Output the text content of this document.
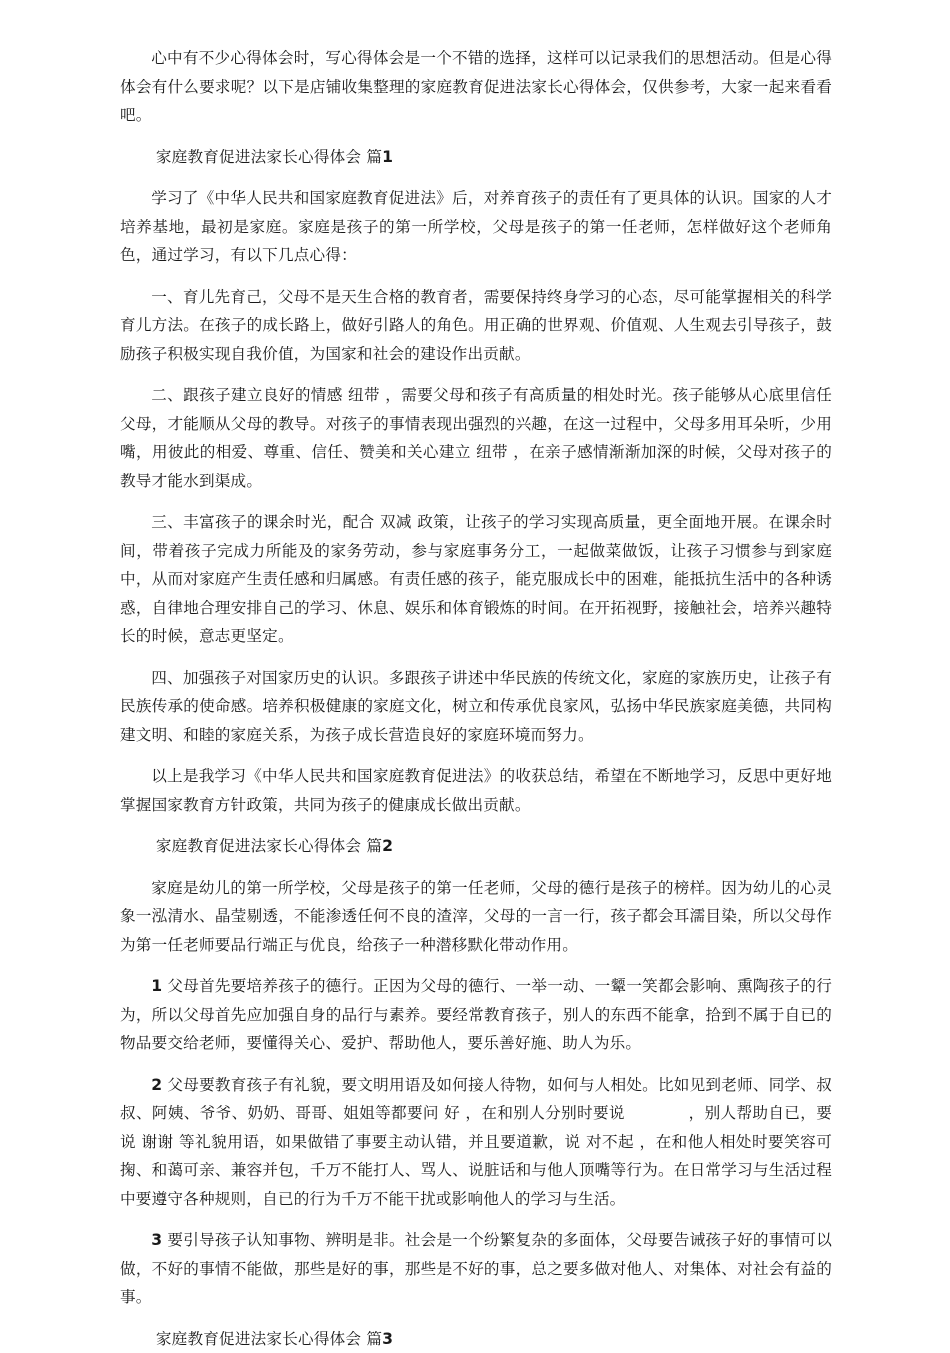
心中有不少心得体会时，写心得体会是一个不错的选择，这样可以记录我们的思想活动。但是心得体会有什么要求呢？以下是店铺收集整理的家庭教育促进法家长心得体会，仅供参考，大家一起来看看吧。

家庭教育促进法家长心得体会 篇1

学习了《中华人民共和国家庭教育促进法》后，对养育孩子的责任有了更具体的认识。国家的人才培养基地，最初是家庭。家庭是孩子的第一所学校，父母是孩子的第一任老师，怎样做好这个老师角色，通过学习，有以下几点心得：

一、育儿先育己，父母不是天生合格的教育者，需要保持终身学习的心态，尽可能掌握相关的科学育儿方法。在孩子的成长路上，做好引路人的角色。用正确的世界观、价值观、人生观去引导孩子，鼓励孩子积极实现自我价值，为国家和社会的建设作出贡献。

二、跟孩子建立良好的情感 纽带 ，需要父母和孩子有高质量的相处时光。孩子能够从心底里信任父母，才能顺从父母的教导。对孩子的事情表现出强烈的兴趣，在这一过程中，父母多用耳朵听，少用嘴，用彼此的相爱、尊重、信任、赞美和关心建立 纽带 ，在亲子感情渐渐加深的时候，父母对孩子的教导才能水到渠成。

三、丰富孩子的课余时光，配合 双减 政策，让孩子的学习实现高质量，更全面地开展。在课余时间，带着孩子完成力所能及的家务劳动，参与家庭事务分工，一起做菜做饭，让孩子习惯参与到家庭中，从而对家庭产生责任感和归属感。有责任感的孩子，能克服成长中的困难，能抵抗生活中的各种诱惑，自律地合理安排自己的学习、休息、娱乐和体育锻炼的时间。在开拓视野，接触社会，培养兴趣特长的时候，意志更坚定。

四、加强孩子对国家历史的认识。多跟孩子讲述中华民族的传统文化，家庭的家族历史，让孩子有民族传承的使命感。培养积极健康的家庭文化，树立和传承优良家风，弘扬中华民族家庭美德，共同构建文明、和睦的家庭关系，为孩子成长营造良好的家庭环境而努力。

以上是我学习《中华人民共和国家庭教育促进法》的收获总结，希望在不断地学习，反思中更好地掌握国家教育方针政策，共同为孩子的健康成长做出贡献。

家庭教育促进法家长心得体会 篇2

家庭是幼儿的第一所学校，父母是孩子的第一任老师，父母的德行是孩子的榜样。因为幼儿的心灵象一泓清水、晶莹剔透，不能渗透任何不良的渣滓，父母的一言一行，孩子都会耳濡目染，所以父母作为第一任老师要品行端正与优良，给孩子一种潜移默化带动作用。

1 父母首先要培养孩子的德行。正因为父母的德行、一举一动、一颦一笑都会影响、熏陶孩子的行为，所以父母首先应加强自身的品行与素养。要经常教育孩子，别人的东西不能拿，拾到不属于自已的物品要交给老师，要懂得关心、爱护、帮助他人，要乐善好施、助人为乐。

2 父母要教育孩子有礼貌，要文明用语及如何接人待物，如何与人相处。比如见到老师、同学、叔叔、阿姨、爷爷、奶奶、哥哥、姐姐等都要问 好 ，在和别人分别时要说　　　　，别人帮助自已，要说 谢谢 等礼貌用语，如果做错了事要主动认错，并且要道歉，说 对不起 ，在和他人相处时要笑容可掬、和蔼可亲、兼容并包，千万不能打人、骂人、说脏话和与他人顶嘴等行为。在日常学习与生活过程中要遵守各种规则，自已的行为千万不能干扰或影响他人的学习与生活。

3 要引导孩子认知事物、辨明是非。社会是一个纷繁复杂的多面体，父母要告诫孩子好的事情可以做，不好的事情不能做，那些是好的事，那些是不好的事，总之要多做对他人、对集体、对社会有益的事。

家庭教育促进法家长心得体会 篇3
